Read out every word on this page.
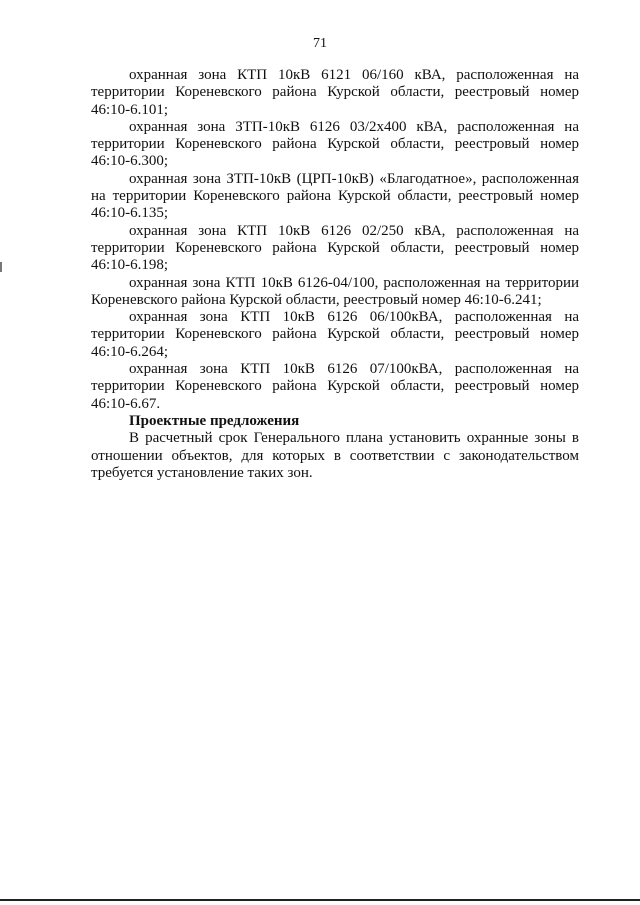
71

охранная зона КТП 10кВ 6121 06/160 кВА, расположенная на территории Кореневского района Курской области, реестровый номер 46:10-6.101;

охранная зона ЗТП-10кВ 6126 03/2х400 кВА, расположенная на территории Кореневского района Курской области, реестровый номер 46:10-6.300;

охранная зона ЗТП-10кВ (ЦРП-10кВ) «Благодатное», расположенная на территории Кореневского района Курской области, реестровый номер 46:10-6.135;

охранная зона КТП 10кВ 6126 02/250 кВА, расположенная на территории Кореневского района Курской области, реестровый номер 46:10-6.198;

охранная зона КТП 10кВ 6126-04/100, расположенная на территории Кореневского района Курской области, реестровый номер 46:10-6.241;

охранная зона КТП 10кВ 6126 06/100кВА, расположенная на территории Кореневского района Курской области, реестровый номер 46:10-6.264;

охранная зона КТП 10кВ 6126 07/100кВА, расположенная на территории Кореневского района Курской области, реестровый номер 46:10-6.67.

Проектные предложения

В расчетный срок Генерального плана установить охранные зоны в отношении объектов, для которых в соответствии с законодательством требуется установление таких зон.
